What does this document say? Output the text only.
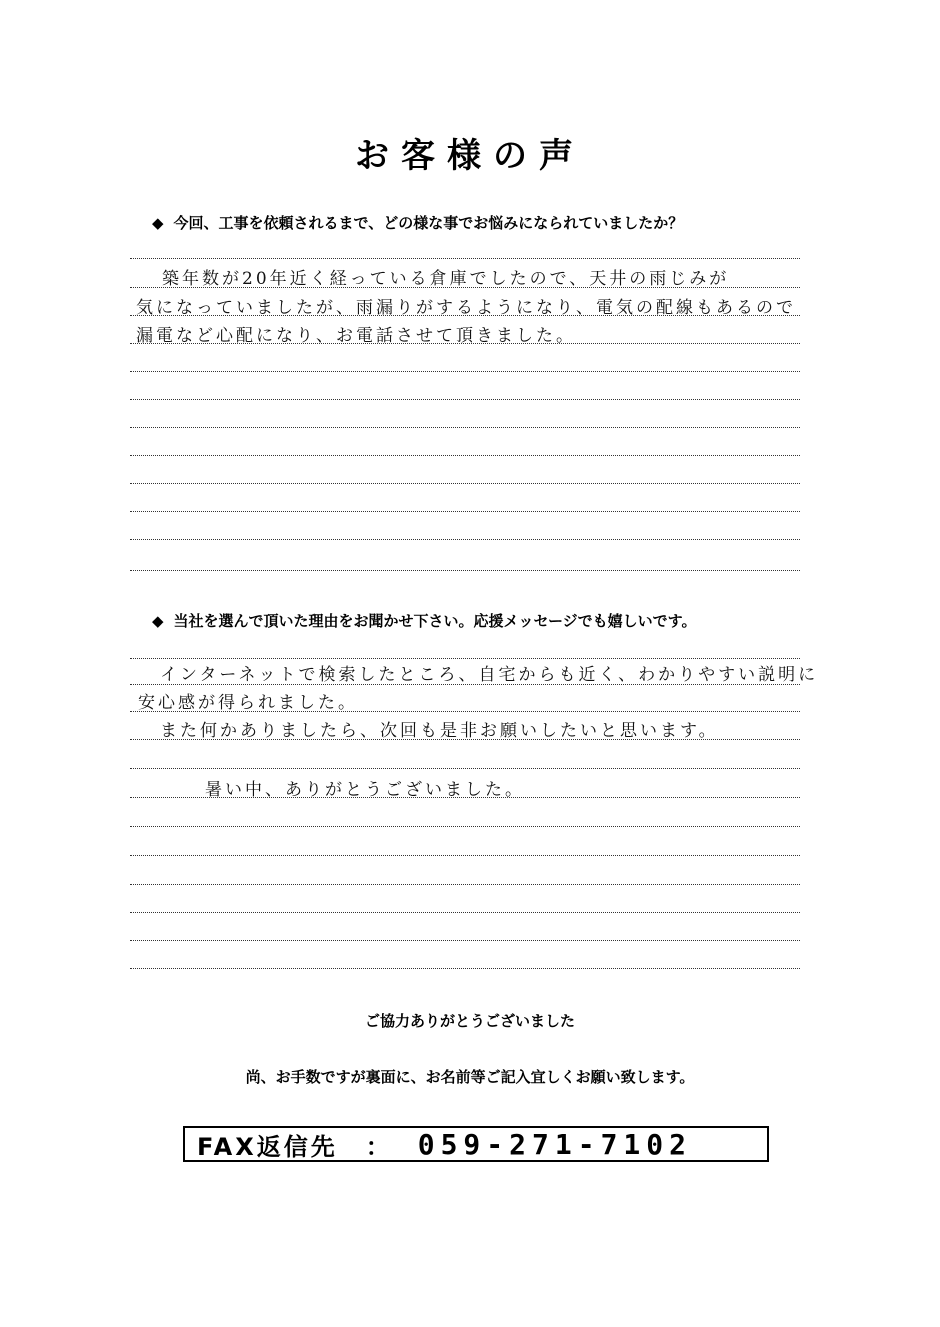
お客様の声
◆ 今回、工事を依頼されるまで、どの様な事でお悩みになられていましたか？
築年数が20年近く経っている倉庫でしたので、天井の雨じみが
気になっていましたが、雨漏りがするようになり、電気の配線もあるので
漏電など心配になり、お電話させて頂きました。
◆ 当社を選んで頂いた理由をお聞かせ下さい。応援メッセージでも嬉しいです。
インターネットで検索したところ、自宅からも近く、わかりやすい説明に
安心感が得られました。
また何かありましたら、次回も是非お願いしたいと思います。
暑い中、ありがとうございました。
ご協力ありがとうございました
尚、お手数ですが裏面に、お名前等ご記入宜しくお願い致します。
FAX返信先 ： 059-271-7102
